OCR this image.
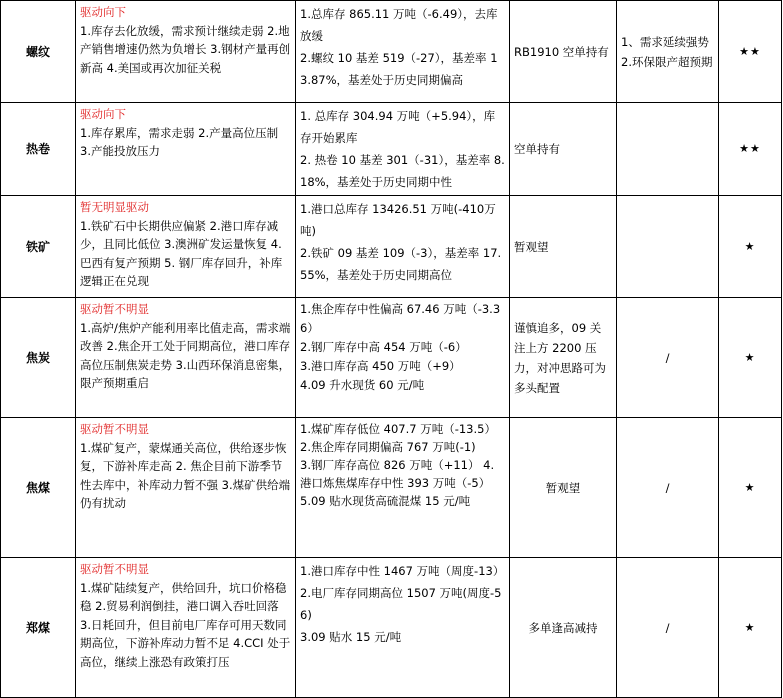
螺纹	驱动向下
1.库存去化放缓，需求预计继续走弱 2.地产销售增速仍然为负增长 3.钢材产量再创新高 4.美国或再次加征关税	1.总库存 865.11 万吨（-6.49），去库放缓
2.螺纹 10 基差 519（-27），基差率 13.87%，基差处于历史同期偏高	RB1910 空单持有	1、需求延续强势 2.环保限产超预期	★★
热卷	驱动向下
1.库存累库，需求走弱 2.产量高位压制 3.产能投放压力	1. 总库存 304.94 万吨（+5.94），库存开始累库
2. 热卷 10 基差 301（-31），基差率 8.18%，基差处于历史同期中性	空单持有		★★
铁矿	暂无明显驱动
1.铁矿石中长期供应偏紧 2.港口库存减少，且同比低位 3.澳洲矿发运量恢复 4.巴西有复产预期 5. 钢厂库存回升，补库逻辑正在兑现	1.港口总库存 13426.51 万吨(-410万吨)
2.铁矿 09 基差 109（-3），基差率 17.55%，基差处于历史同期高位	暂观望		★
焦炭	驱动暂不明显
1.高炉/焦炉产能利用率比值走高，需求端改善 2.焦企开工处于同期高位，港口库存高位压制焦炭走势 3.山西环保消息密集，限产预期重启	1.焦企库存中性偏高 67.46 万吨（-3.36）
2.钢厂库存中高 454 万吨（-6）
3.港口库存高 450 万吨（+9）
4.09 升水现货 60 元/吨	谨慎追多，09 关注上方 2200 压力，对冲思路可为多头配置	/	★
焦煤	驱动暂不明显
1.煤矿复产，蒙煤通关高位，供给逐步恢复，下游补库走高 2. 焦企目前下游季节性去库中，补库动力暂不强 3.煤矿供给端仍有扰动	1.煤矿库存低位 407.7 万吨（-13.5）
2.焦企库存同期偏高 767 万吨(-1)
3.钢厂库存高位 826 万吨（+11） 4.港口炼焦煤库存中性 393 万吨（-5）
5.09 贴水现货高硫混煤 15 元/吨	暂观望	/	★
郑煤	驱动暂不明显
1.煤矿陆续复产，供给回升，坑口价格稳稳 2.贸易利润倒挂，港口调入吞吐回落 3.日耗回升，但目前电厂库存可用天数同期高位，下游补库动力暂不足 4.CCI 处于高位，继续上涨恐有政策打压	1.港口库存中性 1467 万吨（周度-13）
2.电厂库存同期高位 1507 万吨(周度-56)
3.09 贴水 15 元/吨	多单逢高减持	/	★
